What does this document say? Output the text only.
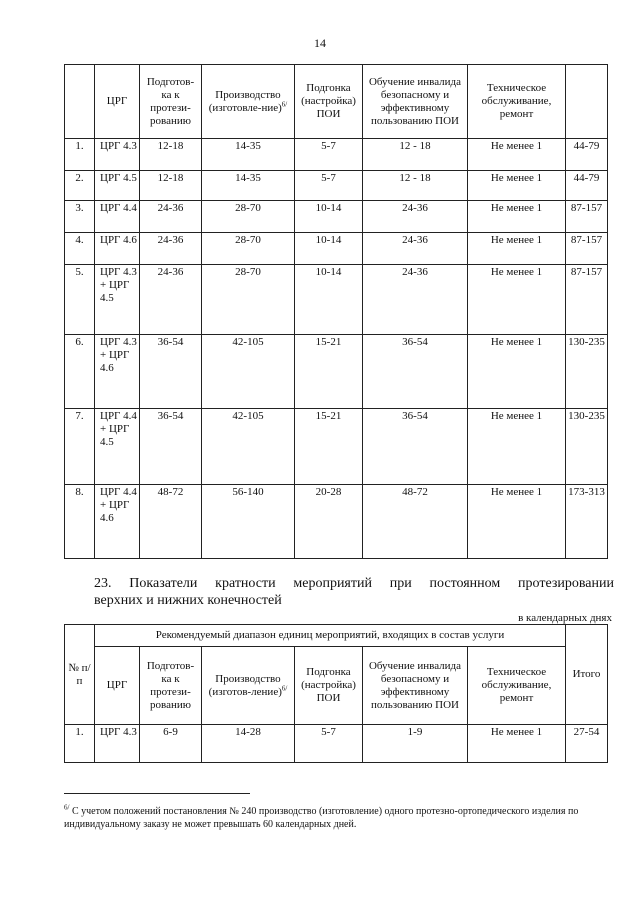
14
	ЦРГ	Подготов-ка к протези-рованию	Производство (изготовле-ние)$^{6/}$	Подгонка (настройка) ПОИ	Обучение инвалида безопасному и эффективному пользованию ПОИ	Техническое обслуживание, ремонт	
1.	ЦРГ 4.3	12-18	14-35	5-7	12 - 18	Не менее 1	44-79
2.	ЦРГ 4.5	12-18	14-35	5-7	12 - 18	Не менее 1	44-79
3.	ЦРГ 4.4	24-36	28-70	10-14	24-36	Не менее 1	87-157
4.	ЦРГ 4.6	24-36	28-70	10-14	24-36	Не менее 1	87-157
5.	ЦРГ 4.3 + ЦРГ 4.5	24-36	28-70	10-14	24-36	Не менее 1	87-157
6.	ЦРГ 4.3 + ЦРГ 4.6	36-54	42-105	15-21	36-54	Не менее 1	130-235
7.	ЦРГ 4.4 + ЦРГ 4.5	36-54	42-105	15-21	36-54	Не менее 1	130-235
8.	ЦРГ 4.4 + ЦРГ 4.6	48-72	56-140	20-28	48-72	Не менее 1	173-313
23. Показатели кратности мероприятий при постоянном протезировании
верхних и нижних конечностей
в календарных днях
№ п/п	Рекомендуемый диапазон единиц мероприятий, входящих в состав услуги						Итого
	ЦРГ	Подготов-ка к протези-рованию	Производство (изготов-ление)$^{6/}$	Подгонка (настройка) ПОИ	Обучение инвалида безопасному и эффективному пользованию ПОИ	Техническое обслуживание, ремонт	
1.	ЦРГ 4.3	6-9	14-28	5-7	1-9	Не менее 1	27-54
$^{6/}$ С учетом положений постановления № 240 производство (изготовление) одного протезно-ортопедического изделия по индивидуальному заказу не может превышать 60 календарных дней.
